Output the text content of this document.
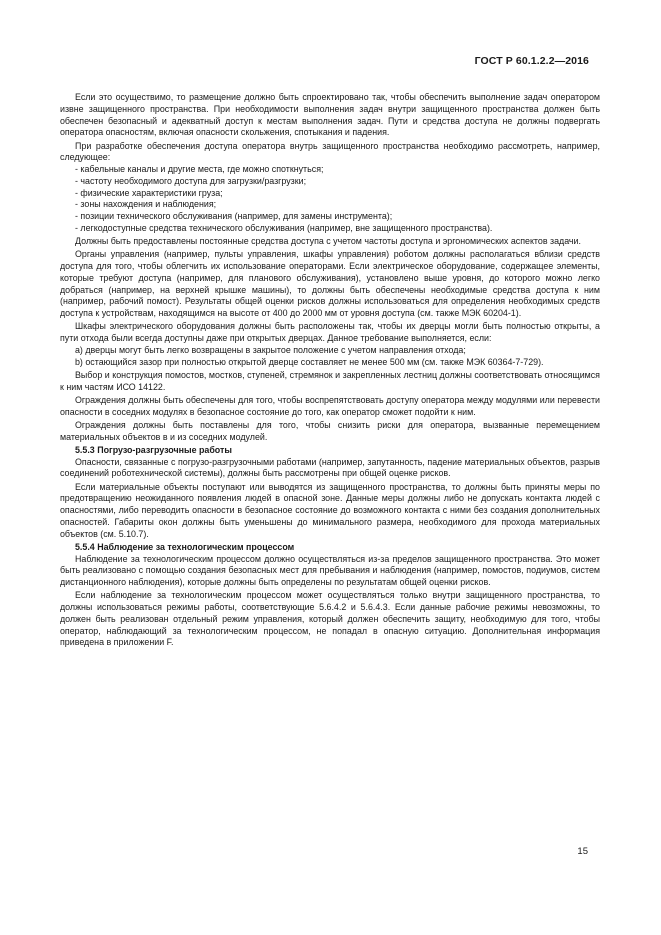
ГОСТ Р 60.1.2.2—2016

Если это осуществимо, то размещение должно быть спроектировано так, чтобы обеспечить выполнение задач оператором извне защищенного пространства. При необходимости выполнения задач внутри защищенного пространства должен быть обеспечен безопасный и адекватный доступ к местам выполнения задач. Пути и средства доступа не должны подвергать оператора опасностям, включая опасности скольжения, спотыкания и падения.

При разработке обеспечения доступа оператора внутрь защищенного пространства необходимо рассмотреть, например, следующее:

- кабельные каналы и другие места, где можно споткнуться;

- частоту необходимого доступа для загрузки/разгрузки;

- физические характеристики груза;

- зоны нахождения и наблюдения;

- позиции технического обслуживания (например, для замены инструмента);

- легкодоступные средства технического обслуживания (например, вне защищенного пространства).

Должны быть предоставлены постоянные средства доступа с учетом частоты доступа и эргономических аспектов задачи.

Органы управления (например, пульты управления, шкафы управления) роботом должны располагаться вблизи средств доступа для того, чтобы облегчить их использование операторами. Если электрическое оборудование, содержащее элементы, которые требуют доступа (например, для планового обслуживания), установлено выше уровня, до которого можно легко добраться (например, на верхней крышке машины), то должны быть обеспечены необходимые средства доступа к ним (например, рабочий помост). Результаты общей оценки рисков должны использоваться для определения необходимых средств доступа к устройствам, находящимся на высоте от 400 до 2000 мм от уровня доступа (см. также МЭК 60204-1).

Шкафы электрического оборудования должны быть расположены так, чтобы их дверцы могли быть полностью открыты, а пути отхода были всегда доступны даже при открытых дверцах. Данное требование выполняется, если:

a) дверцы могут быть легко возвращены в закрытое положение с учетом направления отхода;

b) остающийся зазор при полностью открытой дверце составляет не менее 500 мм (см. также МЭК 60364-7-729).

Выбор и конструкция помостов, мостков, ступеней, стремянок и закрепленных лестниц должны соответствовать относящимся к ним частям ИСО 14122.

Ограждения должны быть обеспечены для того, чтобы воспрепятствовать доступу оператора между модулями или перевести опасности в соседних модулях в безопасное состояние до того, как оператор сможет подойти к ним.

Ограждения должны быть поставлены для того, чтобы снизить риски для оператора, вызванные перемещением материальных объектов в и из соседних модулей.

5.5.3 Погрузо-разгрузочные работы

Опасности, связанные с погрузо-разгрузочными работами (например, запутанность, падение материальных объектов, разрыв соединений роботехнической системы), должны быть рассмотрены при общей оценке рисков.

Если материальные объекты поступают или выводятся из защищенного пространства, то должны быть приняты меры по предотвращению неожиданного появления людей в опасной зоне. Данные меры должны либо не допускать контакта людей с опасностями, либо переводить опасности в безопасное состояние до возможного контакта с ними без создания дополнительных опасностей. Габариты окон должны быть уменьшены до минимального размера, необходимого для прохода материальных объектов (см. 5.10.7).

5.5.4 Наблюдение за технологическим процессом

Наблюдение за технологическим процессом должно осуществляться из-за пределов защищенного пространства. Это может быть реализовано с помощью создания безопасных мест для пребывания и наблюдения (например, помостов, подиумов, систем дистанционного наблюдения), которые должны быть определены по результатам общей оценки рисков.

Если наблюдение за технологическим процессом может осуществляться только внутри защищенного пространства, то должны использоваться режимы работы, соответствующие 5.6.4.2 и 5.6.4.3. Если данные рабочие режимы невозможны, то должен быть реализован отдельный режим управления, который должен обеспечить защиту, необходимую для того, чтобы оператор, наблюдающий за технологическим процессом, не попадал в опасную ситуацию. Дополнительная информация приведена в приложении F.

15
